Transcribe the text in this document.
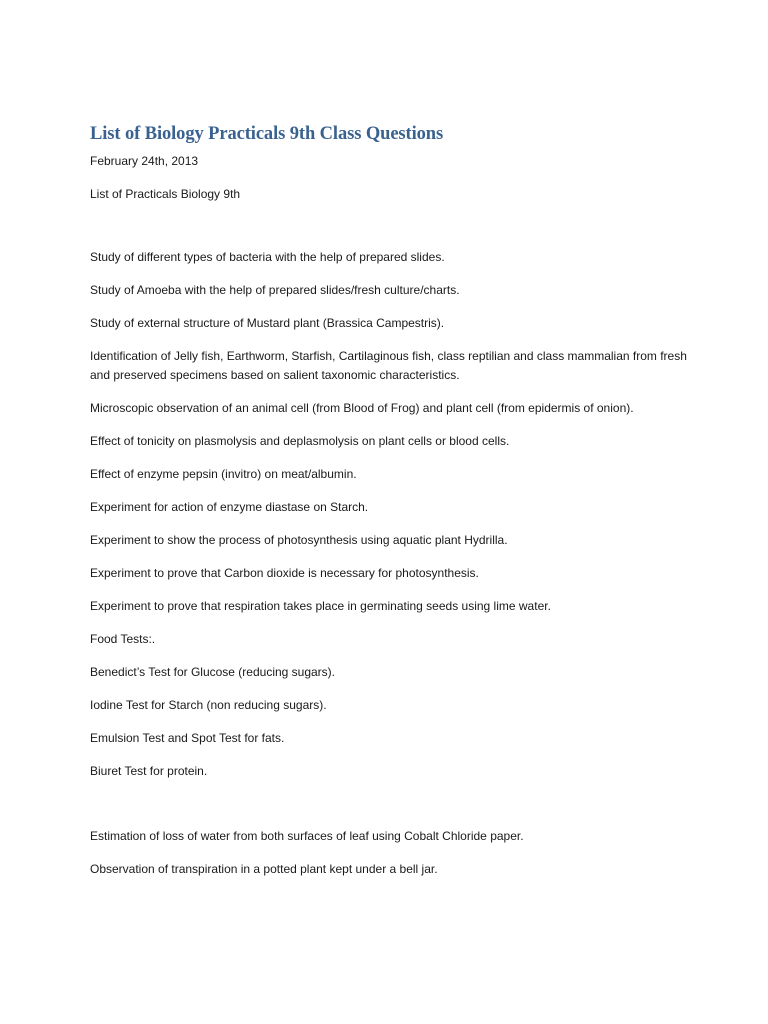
List of Biology Practicals 9th Class Questions
February 24th, 2013
List of Practicals Biology 9th
Study of different types of bacteria with the help of prepared slides.
Study of Amoeba with the help of prepared slides/fresh culture/charts.
Study of external structure of Mustard plant (Brassica Campestris).
Identification of Jelly fish, Earthworm, Starfish, Cartilaginous fish, class reptilian and class mammalian from fresh and preserved specimens based on salient taxonomic characteristics.
Microscopic observation of an animal cell (from Blood of Frog) and plant cell (from epidermis of onion).
Effect of tonicity on plasmolysis and deplasmolysis on plant cells or blood cells.
Effect of enzyme pepsin (invitro) on meat/albumin.
Experiment for action of enzyme diastase on Starch.
Experiment to show the process of photosynthesis using aquatic plant Hydrilla.
Experiment to prove that Carbon dioxide is necessary for photosynthesis.
Experiment to prove that respiration takes place in germinating seeds using lime water.
Food Tests:.
Benedict’s Test for Glucose (reducing sugars).
Iodine Test for Starch (non reducing sugars).
Emulsion Test and Spot Test for fats.
Biuret Test for protein.
Estimation of loss of water from both surfaces of leaf using Cobalt Chloride paper.
Observation of transpiration in a potted plant kept under a bell jar.
